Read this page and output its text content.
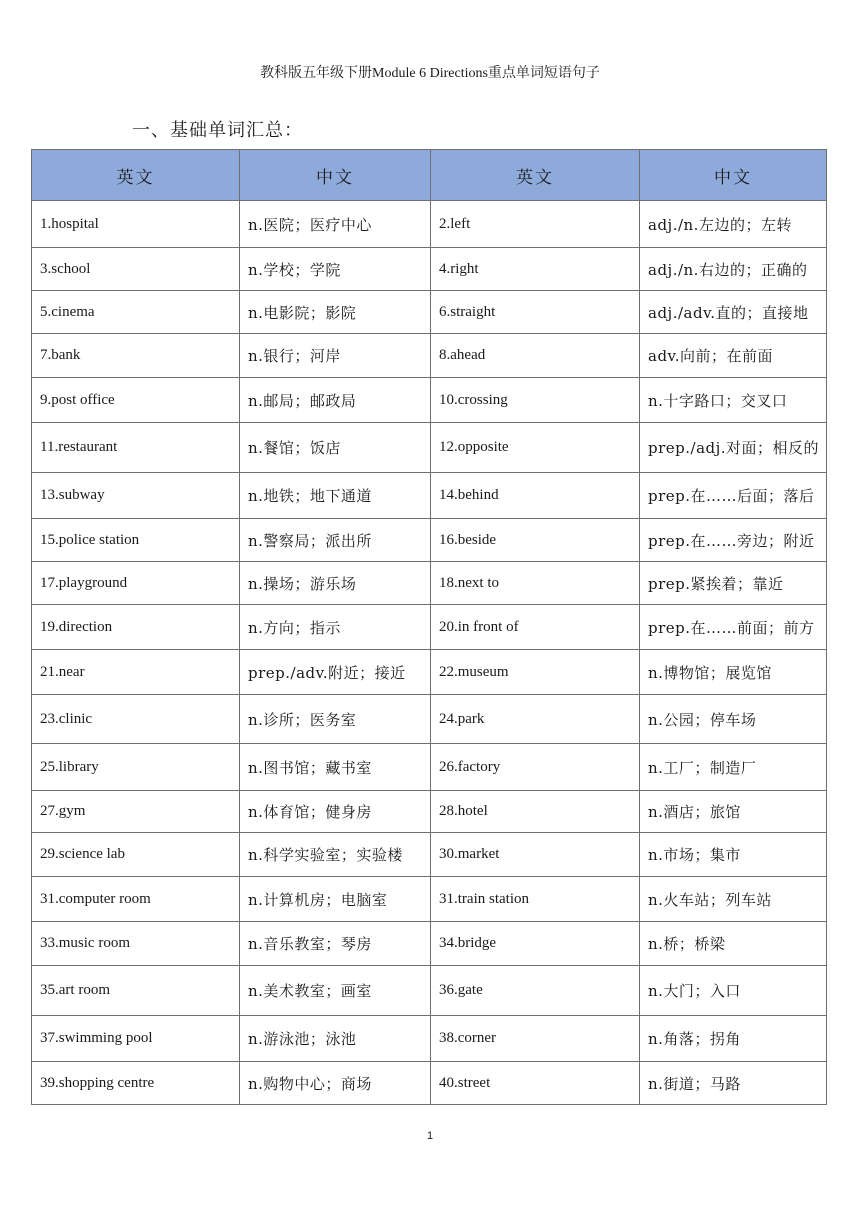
教科版五年级下册Module 6 Directions重点单词短语句子
一、基础单词汇总：
英文	中文	英文	中文
1.hospital	n.医院；医疗中心	2.left	adj./n.左边的；左转
3.school	n.学校；学院	4.right	adj./n.右边的；正确的
5.cinema	n.电影院；影院	6.straight	adj./adv.直的；直接地
7.bank	n.银行；河岸	8.ahead	adv.向前；在前面
9.post office	n.邮局；邮政局	10.crossing	n.十字路口；交叉口
11.restaurant	n.餐馆；饭店	12.opposite	prep./adj.对面；相反的
13.subway	n.地铁；地下通道	14.behind	prep.在……后面；落后
15.police station	n.警察局；派出所	16.beside	prep.在……旁边；附近
17.playground	n.操场；游乐场	18.next to	prep.紧挨着；靠近
19.direction	n.方向；指示	20.in front of	prep.在……前面；前方
21.near	prep./adv.附近；接近	22.museum	n.博物馆；展览馆
23.clinic	n.诊所；医务室	24.park	n.公园；停车场
25.library	n.图书馆；藏书室	26.factory	n.工厂；制造厂
27.gym	n.体育馆；健身房	28.hotel	n.酒店；旅馆
29.science lab	n.科学实验室；实验楼	30.market	n.市场；集市
31.computer room	n.计算机房；电脑室	31.train station	n.火车站；列车站
33.music room	n.音乐教室；琴房	34.bridge	n.桥；桥梁
35.art room	n.美术教室；画室	36.gate	n.大门；入口
37.swimming pool	n.游泳池；泳池	38.corner	n.角落；拐角
39.shopping centre	n.购物中心；商场	40.street	n.街道；马路
1
